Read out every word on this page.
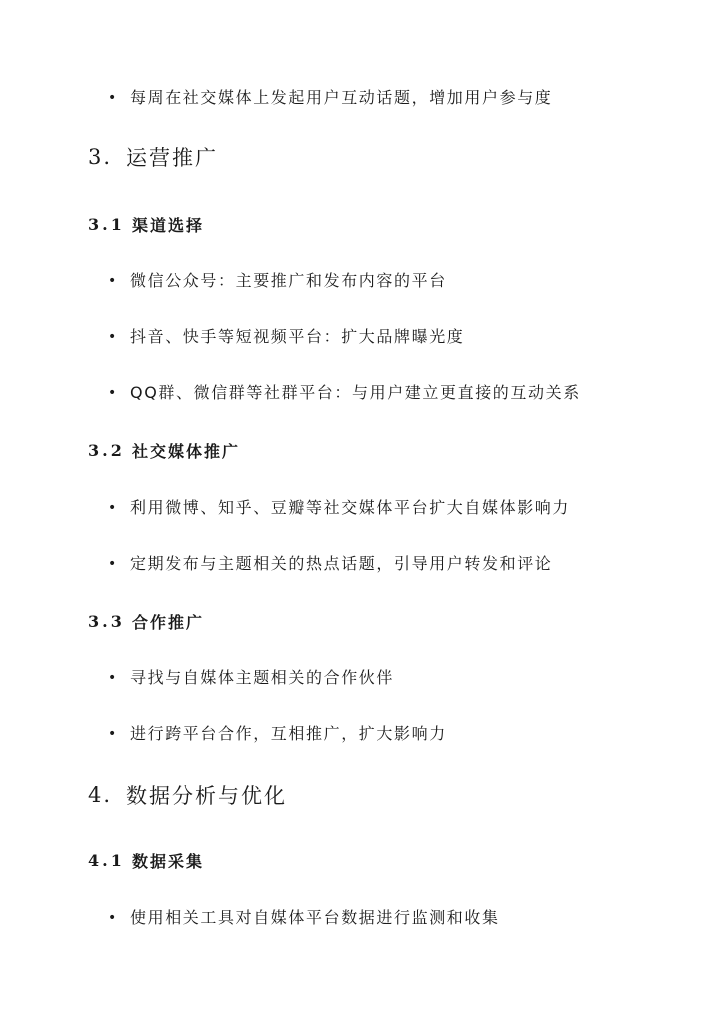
• 每周在社交媒体上发起用户互动话题，增加用户参与度
3. 运营推广
3.1 渠道选择
• 微信公众号：主要推广和发布内容的平台
• 抖音、快手等短视频平台：扩大品牌曝光度
• QQ群、微信群等社群平台：与用户建立更直接的互动关系
3.2 社交媒体推广
• 利用微博、知乎、豆瓣等社交媒体平台扩大自媒体影响力
• 定期发布与主题相关的热点话题，引导用户转发和评论
3.3 合作推广
• 寻找与自媒体主题相关的合作伙伴
• 进行跨平台合作，互相推广，扩大影响力
4. 数据分析与优化
4.1 数据采集
• 使用相关工具对自媒体平台数据进行监测和收集
